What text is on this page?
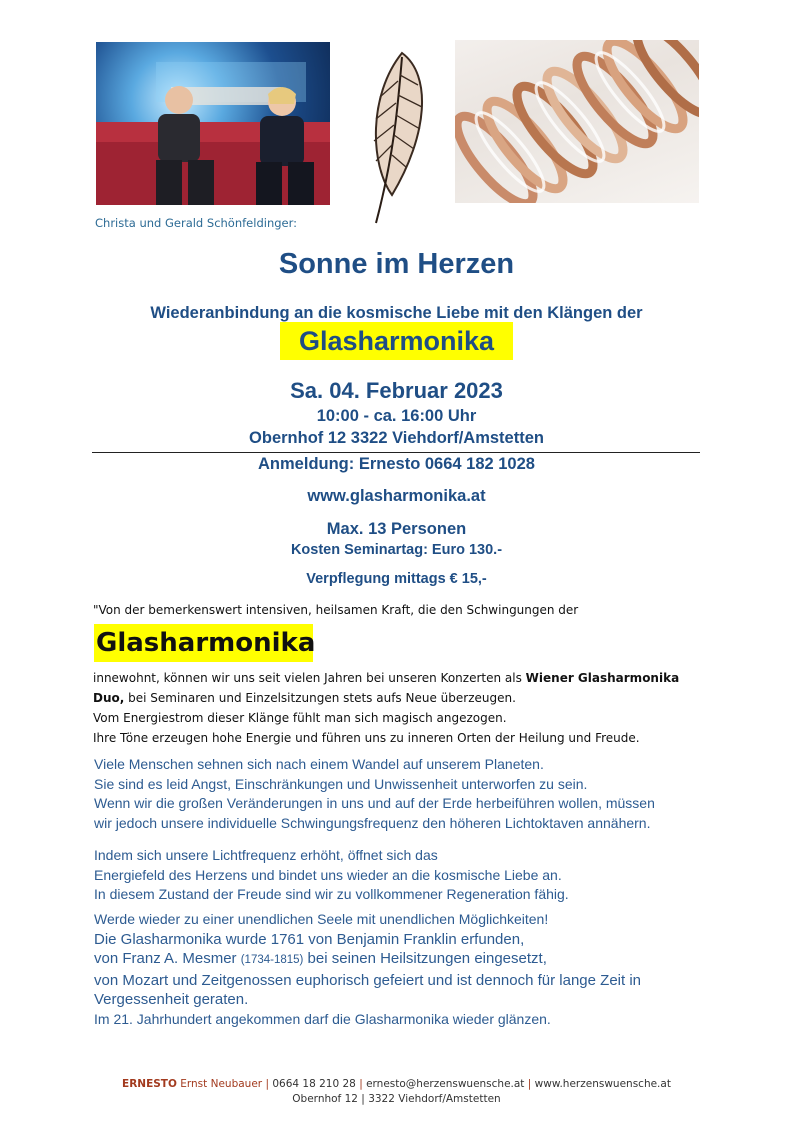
Christa und Gerald Schönfeldinger:
Sonne im Herzen
Wiederanbindung an die kosmische Liebe mit den Klängen der
Glasharmonika
Sa. 04. Februar 2023
10:00 - ca. 16:00 Uhr
Obernhof 12 3322 Viehdorf/Amstetten
Anmeldung: Ernesto 0664 182 1028
www.glasharmonika.at
Max. 13 Personen
Kosten Seminartag: Euro 130.-
Verpflegung mittags € 15,-
"Von der bemerkenswert intensiven, heilsamen Kraft, die den Schwingungen der
Glasharmonika
innewohnt, können wir uns seit vielen Jahren bei unseren Konzerten als Wiener Glasharmonika
Duo, bei Seminaren und Einzelsitzungen stets aufs Neue überzeugen.
Vom Energiestrom dieser Klänge fühlt man sich magisch angezogen.
Ihre Töne erzeugen hohe Energie und führen uns zu inneren Orten der Heilung und Freude.
Viele Menschen sehnen sich nach einem Wandel auf unserem Planeten.
Sie sind es leid Angst, Einschränkungen und Unwissenheit unterworfen zu sein.
Wenn wir die großen Veränderungen in uns und auf der Erde herbeiführen wollen, müssen
wir jedoch unsere individuelle Schwingungsfrequenz den höheren Lichtoktaven annähern.
Indem sich unsere Lichtfrequenz erhöht, öffnet sich das
Energiefeld des Herzens und bindet uns wieder an die kosmische Liebe an.
In diesem Zustand der Freude sind wir zu vollkommener Regeneration fähig.
Werde wieder zu einer unendlichen Seele mit unendlichen Möglichkeiten!
Die Glasharmonika wurde 1761 von Benjamin Franklin erfunden,
von Franz A. Mesmer (1734-1815) bei seinen Heilsitzungen eingesetzt,
von Mozart und Zeitgenossen euphorisch gefeiert und ist dennoch für lange Zeit in
Vergessenheit geraten.
Im 21. Jahrhundert angekommen darf die Glasharmonika wieder glänzen.
ERNESTO Ernst Neubauer | 0664 18 210 28 | ernesto@herzenswuensche.at | www.herzenswuensche.at
Obernhof 12 | 3322 Viehdorf/Amstetten
